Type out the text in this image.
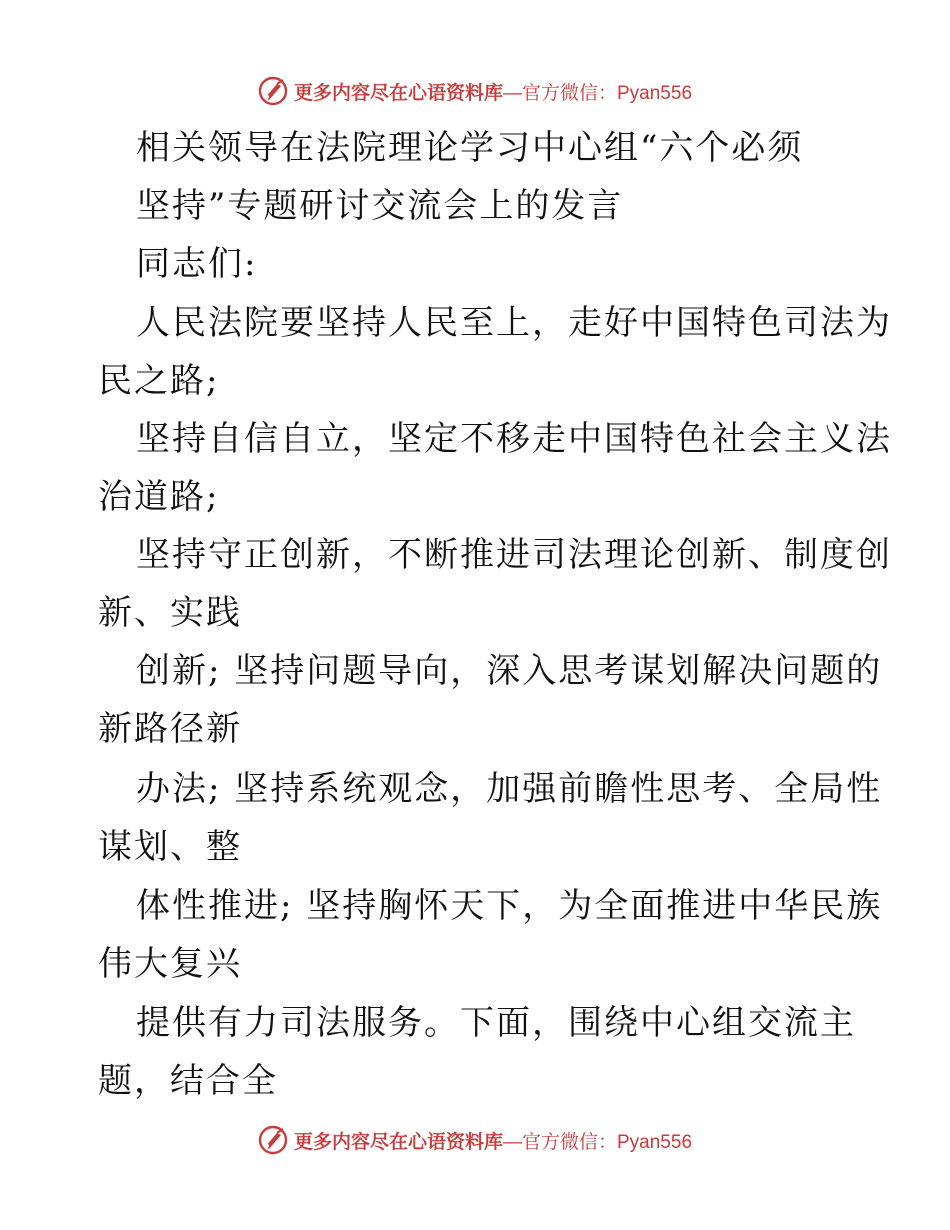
更多内容尽在心语资料库 —官方微信：Pyan556
相关领导在法院理论学习中心组“六个必须
坚持”专题研讨交流会上的发言
同志们:
人民法院要坚持人民至上，走好中国特色司法为
民之路;
坚持自信自立，坚定不移走中国特色社会主义法
治道路;
坚持守正创新，不断推进司法理论创新、制度创
新、实践
创新; 坚持问题导向，深入思考谋划解决问题的
新路径新
办法; 坚持系统观念，加强前瞻性思考、全局性
谋划、整
体性推进; 坚持胸怀天下，为全面推进中华民族
伟大复兴
提供有力司法服务。下面，围绕中心组交流主
题，结合全
更多内容尽在心语资料库 —官方微信：Pyan556
